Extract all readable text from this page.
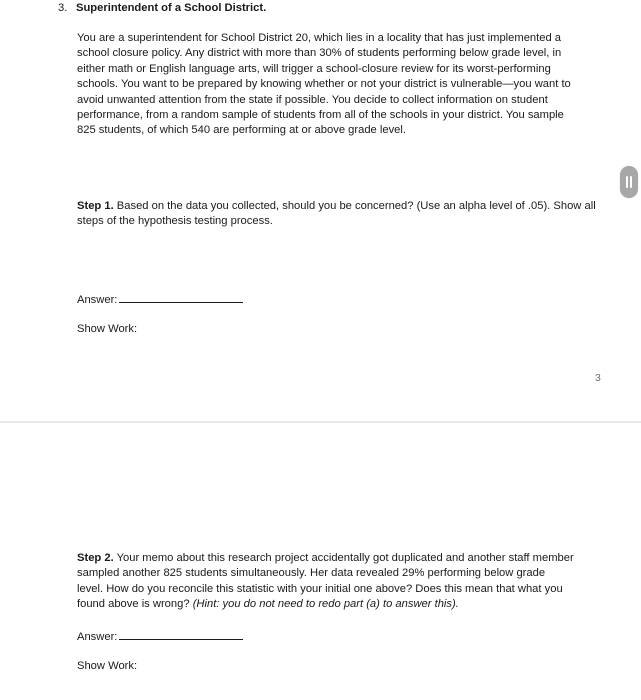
3. Superintendent of a School District.

You are a superintendent for School District 20, which lies in a locality that has just implemented a
school closure policy. Any district with more than 30% of students performing below grade level, in
either math or English language arts, will trigger a school-closure review for its worst-performing
schools. You want to be prepared by knowing whether or not your district is vulnerable—you want to
avoid unwanted attention from the state if possible. You decide to collect information on student
performance, from a random sample of students from all of the schools in your district. You sample
825 students, of which 540 are performing at or above grade level.

Step 1. Based on the data you collected, should you be concerned? (Use an alpha level of .05). Show all
steps of the hypothesis testing process.

Answer:
Show Work:
3

Step 2. Your memo about this research project accidentally got duplicated and another staff member
sampled another 825 students simultaneously. Her data revealed 29% performing below grade
level. How do you reconcile this statistic with your initial one above? Does this mean that what you
found above is wrong? (Hint: you do not need to redo part (a) to answer this).

Answer:
Show Work:
